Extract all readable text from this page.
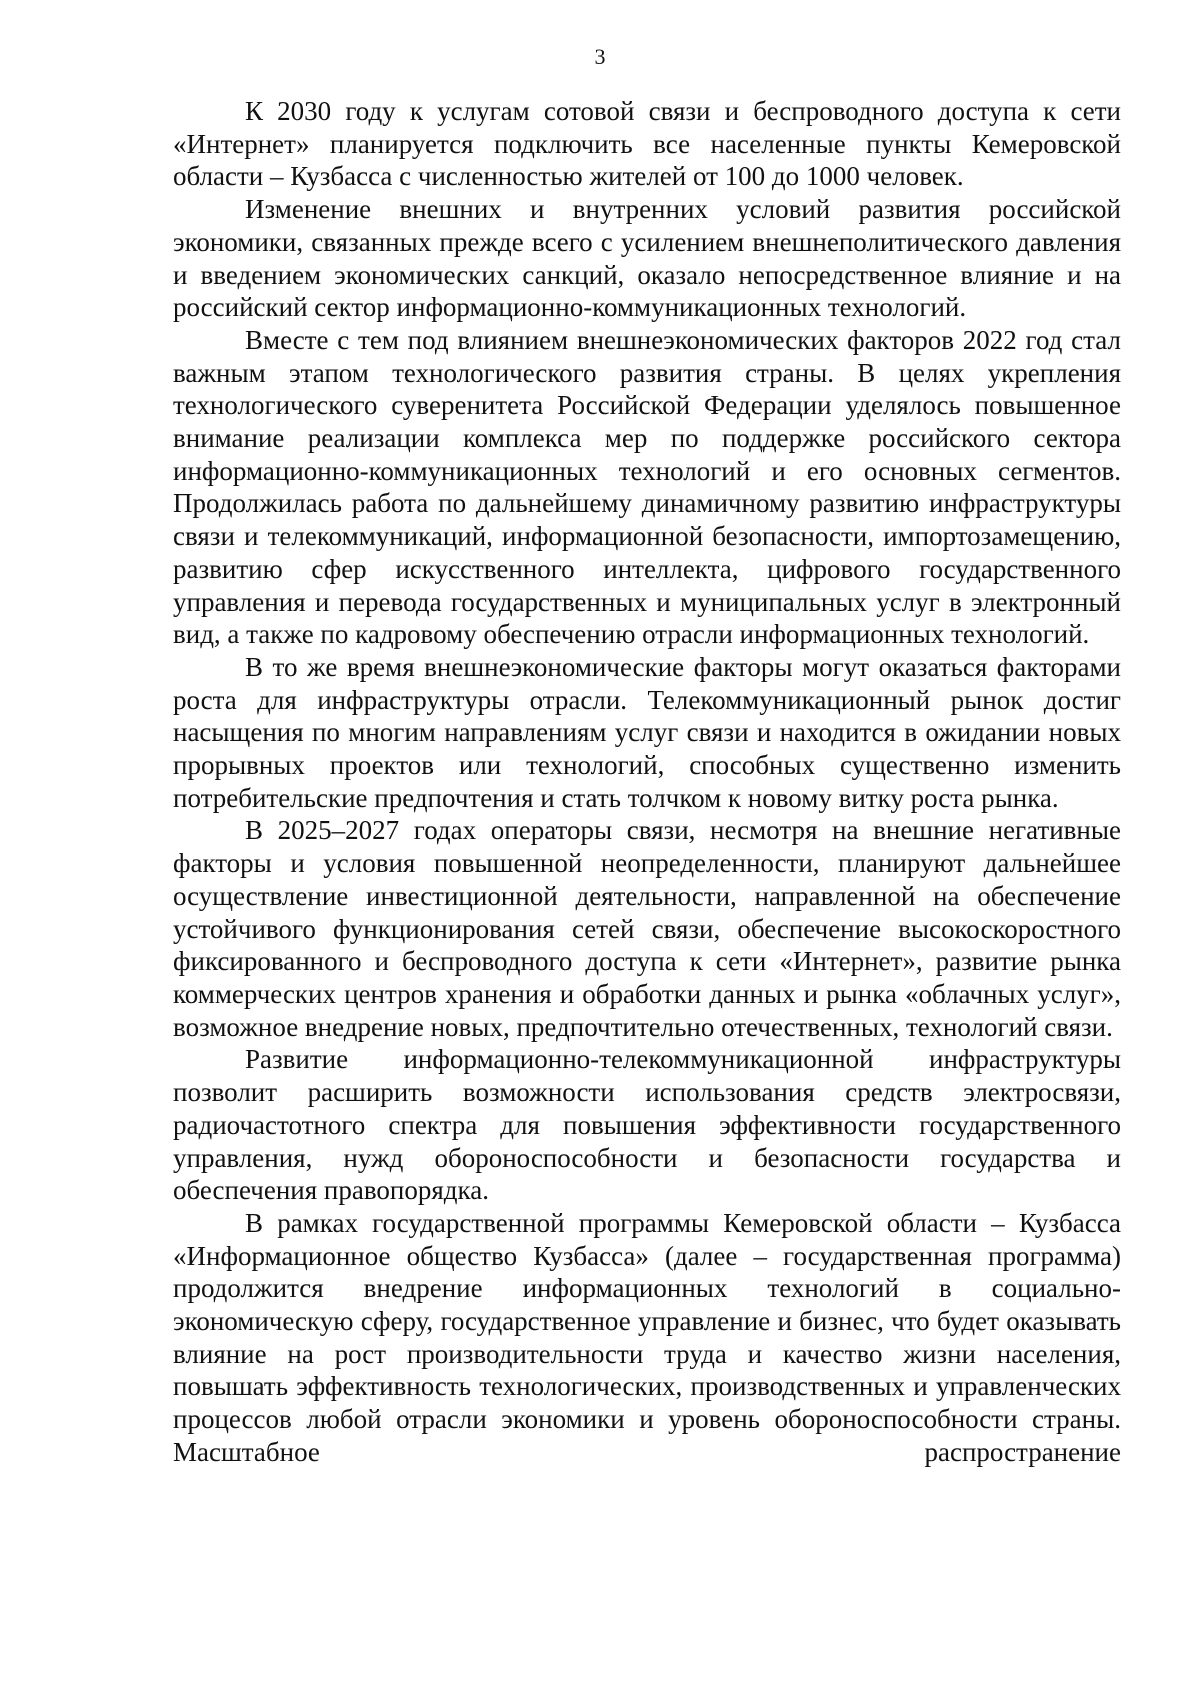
3

К 2030 году к услугам сотовой связи и беспроводного доступа к сети «Интернет» планируется подключить все населенные пункты Кемеровской области – Кузбасса с численностью жителей от 100 до 1000 человек.

Изменение внешних и внутренних условий развития российской экономики, связанных прежде всего с усилением внешнеполитического давления и введением экономических санкций, оказало непосредственное влияние и на российский сектор информационно-коммуникационных технологий.

Вместе с тем под влиянием внешнеэкономических факторов 2022 год стал важным этапом технологического развития страны. В целях укрепления технологического суверенитета Российской Федерации уделялось повышенное внимание реализации комплекса мер по поддержке российского сектора информационно-коммуникационных технологий и его основных сегментов. Продолжилась работа по дальнейшему динамичному развитию инфраструктуры связи и телекоммуникаций, информационной безопасности, импортозамещению, развитию сфер искусственного интеллекта, цифрового государственного управления и перевода государственных и муниципальных услуг в электронный вид, а также по кадровому обеспечению отрасли информационных технологий.

В то же время внешнеэкономические факторы могут оказаться факторами роста для инфраструктуры отрасли. Телекоммуникационный рынок достиг насыщения по многим направлениям услуг связи и находится в ожидании новых прорывных проектов или технологий, способных существенно изменить потребительские предпочтения и стать толчком к новому витку роста рынка.

В 2025–2027 годах операторы связи, несмотря на внешние негативные факторы и условия повышенной неопределенности, планируют дальнейшее осуществление инвестиционной деятельности, направленной на обеспечение устойчивого функционирования сетей связи, обеспечение высокоскоростного фиксированного и беспроводного доступа к сети «Интернет», развитие рынка коммерческих центров хранения и обработки данных и рынка «облачных услуг», возможное внедрение новых, предпочтительно отечественных, технологий связи.

Развитие информационно-телекоммуникационной инфраструктуры позволит расширить возможности использования средств электросвязи, радиочастотного спектра для повышения эффективности государственного управления, нужд обороноспособности и безопасности государства и обеспечения правопорядка.

В рамках государственной программы Кемеровской области – Кузбасса «Информационное общество Кузбасса» (далее – государственная программа) продолжится внедрение информационных технологий в социально-экономическую сферу, государственное управление и бизнес, что будет оказывать влияние на рост производительности труда и качество жизни населения, повышать эффективность технологических, производственных и управленческих процессов любой отрасли экономики и уровень обороноспособности страны. Масштабное распространение
